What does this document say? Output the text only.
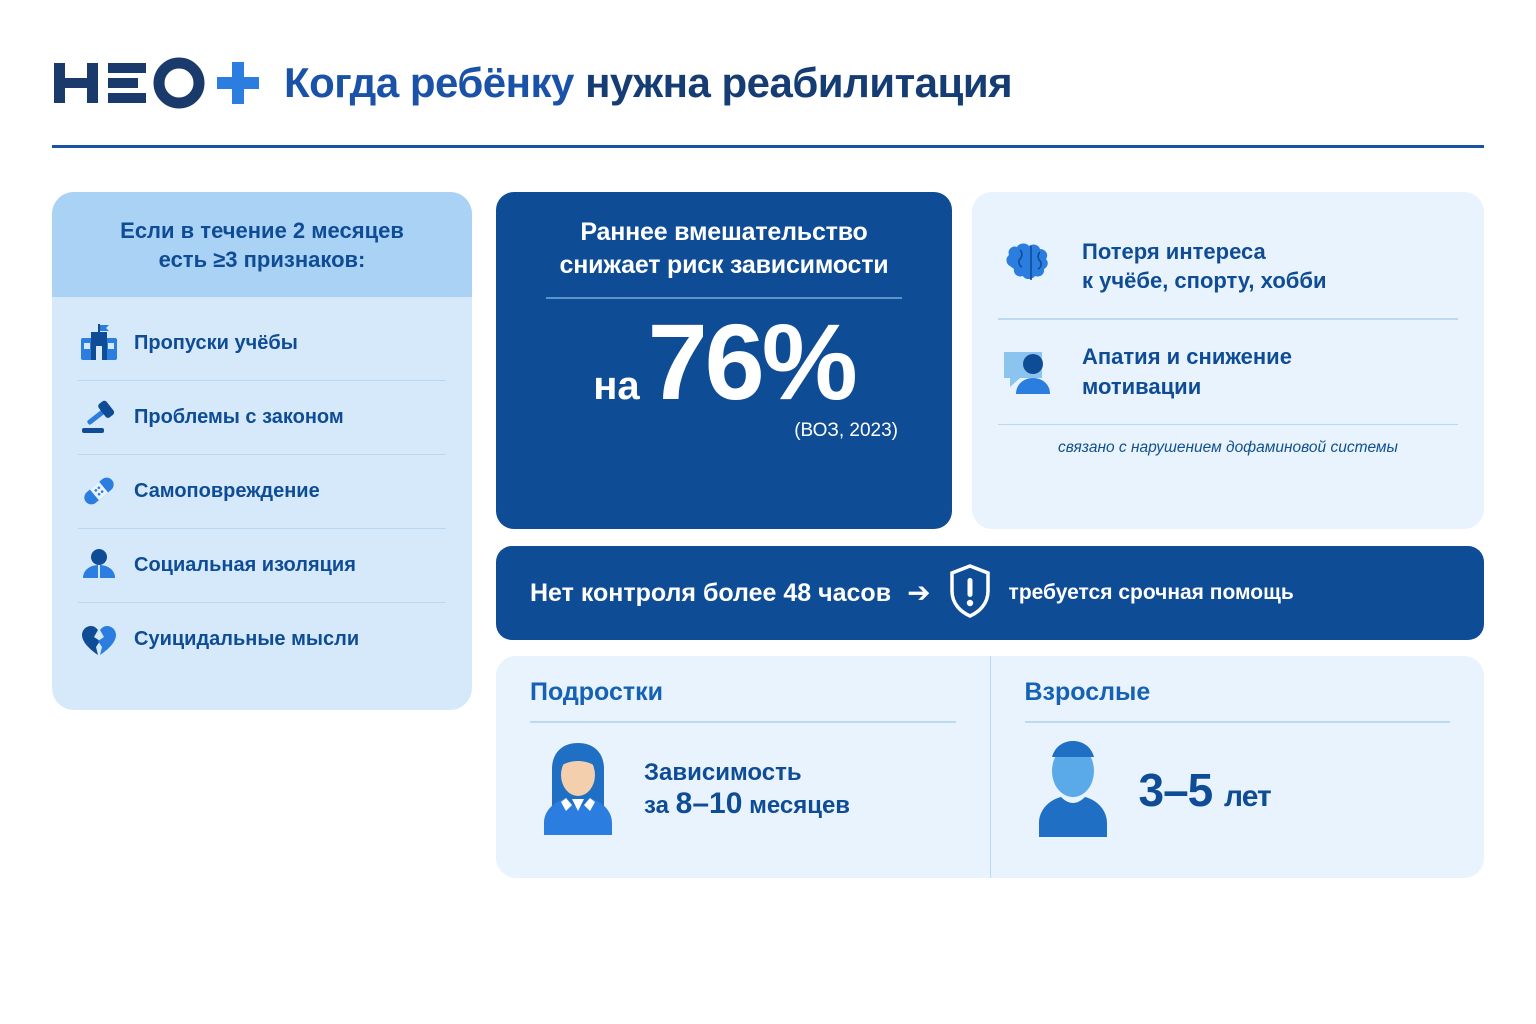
Когда ребёнку нужна реабилитация
Если в течение 2 месяцев
есть ≥3 признаков:
Пропуски учёбы
Проблемы с законом
Самоповреждение
Социальная изоляция
Суицидальные мысли
Раннее вмешательство
снижает риск зависимости
на 76%
(ВОЗ, 2023)
Потеря интереса
к учёбе, спорту, хобби
Апатия и снижение
мотивации
связано с нарушением дофаминовой системы
Нет контроля более 48 часов ➔	требуется срочная помощь
Подростки
Зависимость
за 8–10 месяцев
Взрослые
3–5 лет
